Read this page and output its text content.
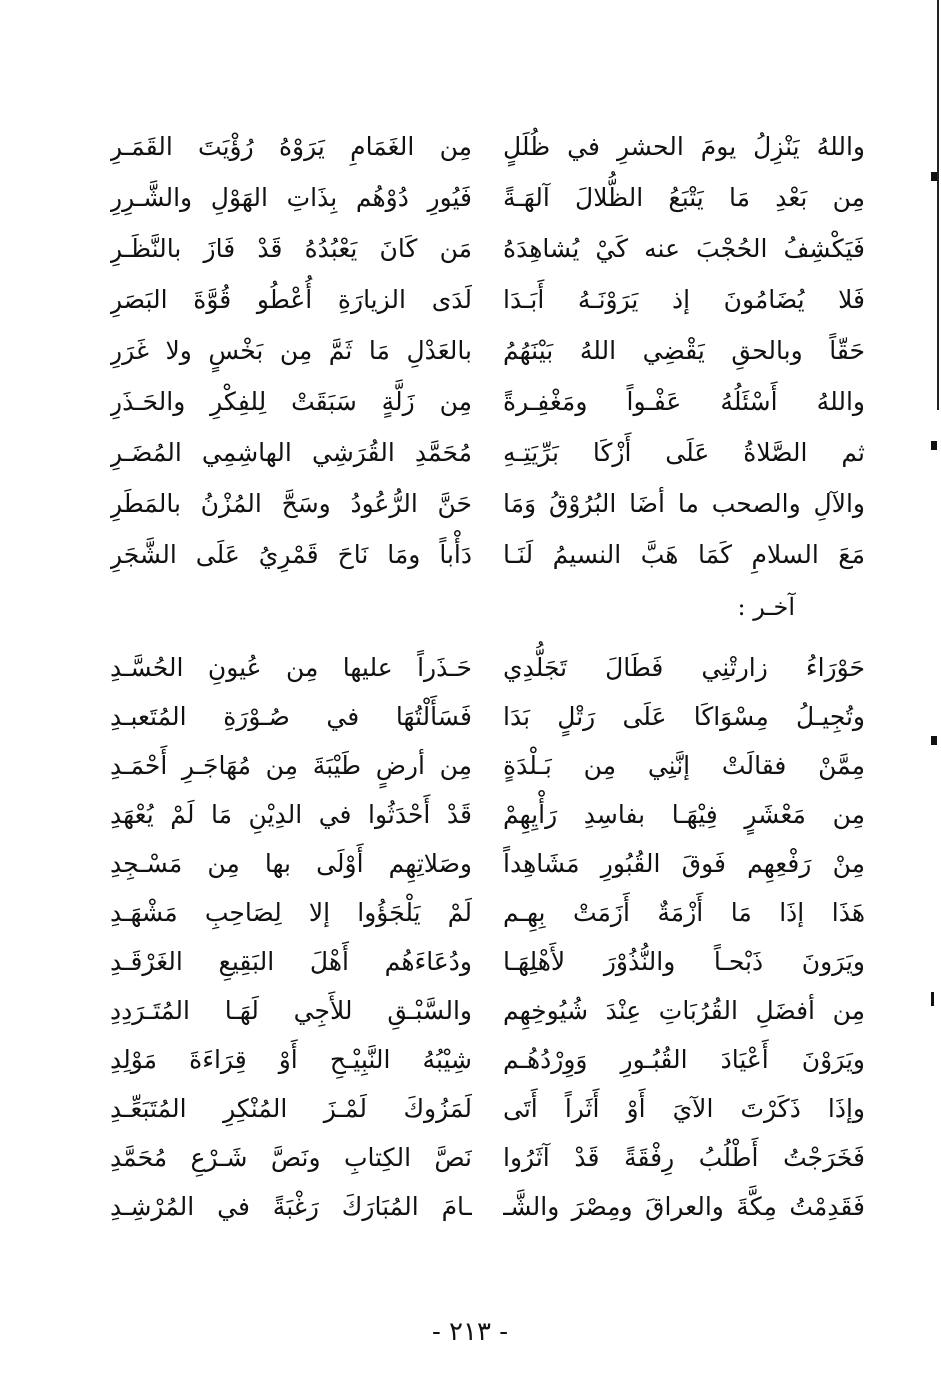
واللهُ يَنْزِلُ يومَ الحشرِ في ظُلَلٍ
مِن الغَمَامِ يَرَوْهُ رُؤْيَتَ القَمَـرِ
مِن بَعْدِ مَا يَتْبَعُ الظُّلالَ آلهَـةً
فَيُورِ دُوْهُم بِذَاتِ الهَوْلِ والشَّـرِرِ
فَيَكْشِفُ الحُجْبَ عنه كَيْ يُشاهِدَهُ
مَن كَانَ يَعْبُدُهُ قَدْ فَازَ بالنَّظَـرِ
فَلا يُضَامُونَ إذ يَرَوْنَـهُ أَبَـدَا
لَدَى الزيارَةِ أُعْطُو قُوَّةَ البَصَرِ
حَقّاً وبالحقِ يَقْضِي اللهُ بَيْنَهُمُ
بالعَدْلِ مَا ثَمَّ مِن بَخْسٍ ولا غَرَرِ
واللهُ أَسْئَلُهُ عَفْـواً ومَغْفِـرةً
مِن زَلَّةٍ سَبَقَتْ لِلفِكْرِ والحَـذَرِ
ثم الصَّلاةُ عَلَى أَزْكَا بَرِّيَتِـهِ
مُحَمَّدِ القُرَشِي الهاشِمِي المُضَـرِ
والآلِ والصحب ما أضَا البُرُوْقُ وَمَا
حَنَّ الرُّعُودُ وسَحَّ المُزْنُ بالمَطَرِ
مَعَ السلامِ كَمَا هَبَّ النسيمُ لَنَـا
دَأْباً ومَا نَاحَ قَمْرِيُ عَلَى الشَّجَرِ
آخـر :
حَوْرَاءُ زارتْنِي فَطَالَ تَجَلُّدِي
حَـذَراً عليها مِن عُيونِ الحُسَّـدِ
وتُجِيـلُ مِسْوَاكَا عَلَى رَتْلٍ بَدَا
فَسَأَلْتُهَا في صُـوْرَةِ المُتَعبـدِ
مِمَّنْ فقالَتْ إنَّنِي مِن بَـلْدَةٍ
مِن أرضٍ طَيْبَةَ مِن مُهَاجَـرِ أَحْمَـدِ
مِن مَعْشَرٍ فِيْهَـا بفاسِدِ رَأْيِهِمْ
قَدْ أَحْدَثُوا في الدِيْنِ مَا لَمْ يُعْهَدِ
مِنْ رَفْعِهِم فَوقَ القُبُورِ مَشَاهِداً
وصَلاتِهِم أَوْلَى بها مِن مَسْـجِدِ
هَذَا إذَا مَا أَزْمَةٌ أَزَمَتْ بِهِـم
لَمْ يَلْجَؤُوا إلا لِصَاحِبِ مَشْهَـدِ
ويَرَونَ ذَبْحـاً والنُّذُوْرَ لأَهْلِهَـا
ودُعَاءَهُم أَهْلَ البَقِيعِ الغَرْقَـدِ
مِن أفضَلِ القُرُبَاتِ عِنْدَ شُيُوخِهِم
والسَّبْـقِ للأَجِي لَهَـا المُتَـرَدِدِ
ويَرَوْنَ أَعْيَادَ القُبُـورِ وَوِرْدُهُـم
شِيْبُهُ النَّبِيْـحِ أَوْ قِرَاءَةَ مَوْلِدِ
وإذَا ذَكَرْتَ الآيَ أَوْ أَثَراً أَتَى
لَمَزُوكَ لَمْـزَ المُنْكِرِ المُتَبَعِّـدِ
فَخَرَجْتُ أَطْلُبُ رِفْقَةً قَدْ آثَرُوا
نَصَّ الكِتابِ ونَصَّ شَـرْعِ مُحَمَّدِ
فَقَدِمْتُ مِكَّةَ والعراقَ ومِصْرَ والشَّـ
ـامَ المُبَارَكَ رَغْبَةً في المُرْشِـدِ
- ٢١٣ -
